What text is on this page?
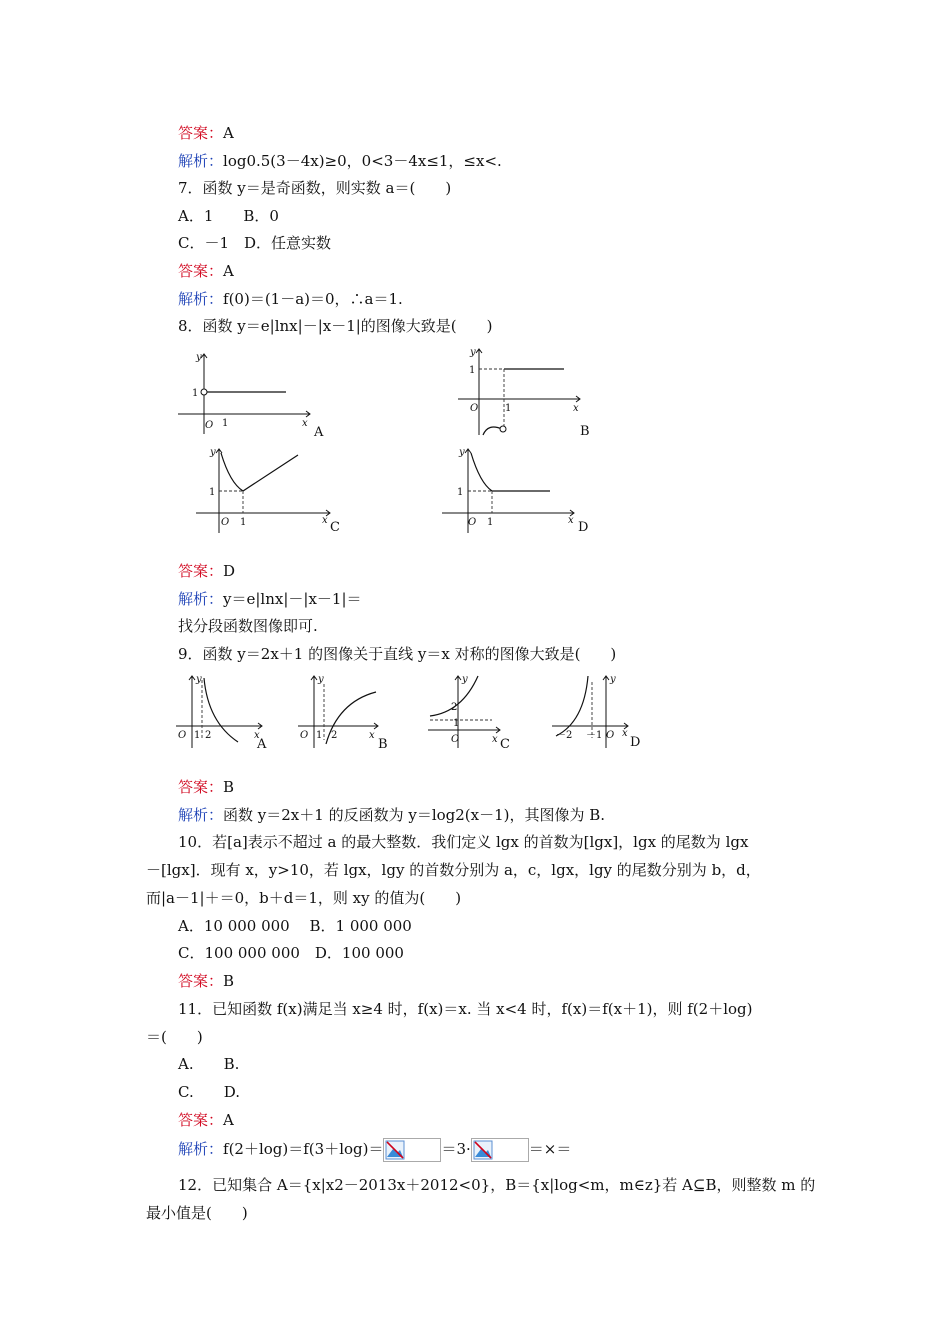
答案：A
解析：log0.5(3－4x)≥0，0<3－4x≤1，≤x<.
7．函数 y＝是奇函数，则实数 a＝(　　)
A．1　　B．0
C．－1　D．任意实数
答案：A
解析：f(0)＝(1－a)＝0，∴a＝1.
8．函数 y＝e|lnx|－|x－1|的图像大致是(　　)
y
1
O 1	x
A
y
1
O	1	x
B
y
1
O 1	x C
y
1
O 1	x D
答案：D
解析：y＝e|lnx|－|x－1|＝
找分段函数图像即可.
9．函数 y＝2x＋1 的图像关于直线 y＝x 对称的图像大致是(　　)
y
O 1 2	x
A
y
O 1 2	x
B
y
2
1
O	x C
y
－2 －1 O x
D
答案：B
解析：函数 y＝2x＋1 的反函数为 y＝log2(x－1)，其图像为 B.
10．若[a]表示不超过 a 的最大整数．我们定义 lgx 的首数为[lgx]，lgx 的尾数为 lgx
－[lgx]．现有 x，y>10，若 lgx，lgy 的首数分别为 a，c，lgx，lgy 的尾数分别为 b，d，
而|a－1|＋＝0，b＋d＝1，则 xy 的值为(　　)
A．10 000 000　 B．1 000 000
C．100 000 000　D．100 000
答案：B
11．已知函数 f(x)满足当 x≥4 时，f(x)＝x. 当 x<4 时，f(x)＝f(x＋1)，则 f(2＋log)
＝(　　)
A.　　B.
C.　　D.
答案：A
解析：f(2＋log)＝f(3＋log)＝	＝3·	＝×＝
12．已知集合 A＝{x|x2－2013x＋2012<0}，B＝{x|log<m，m∈z}若 A⊆B，则整数 m 的
最小值是(　　)
